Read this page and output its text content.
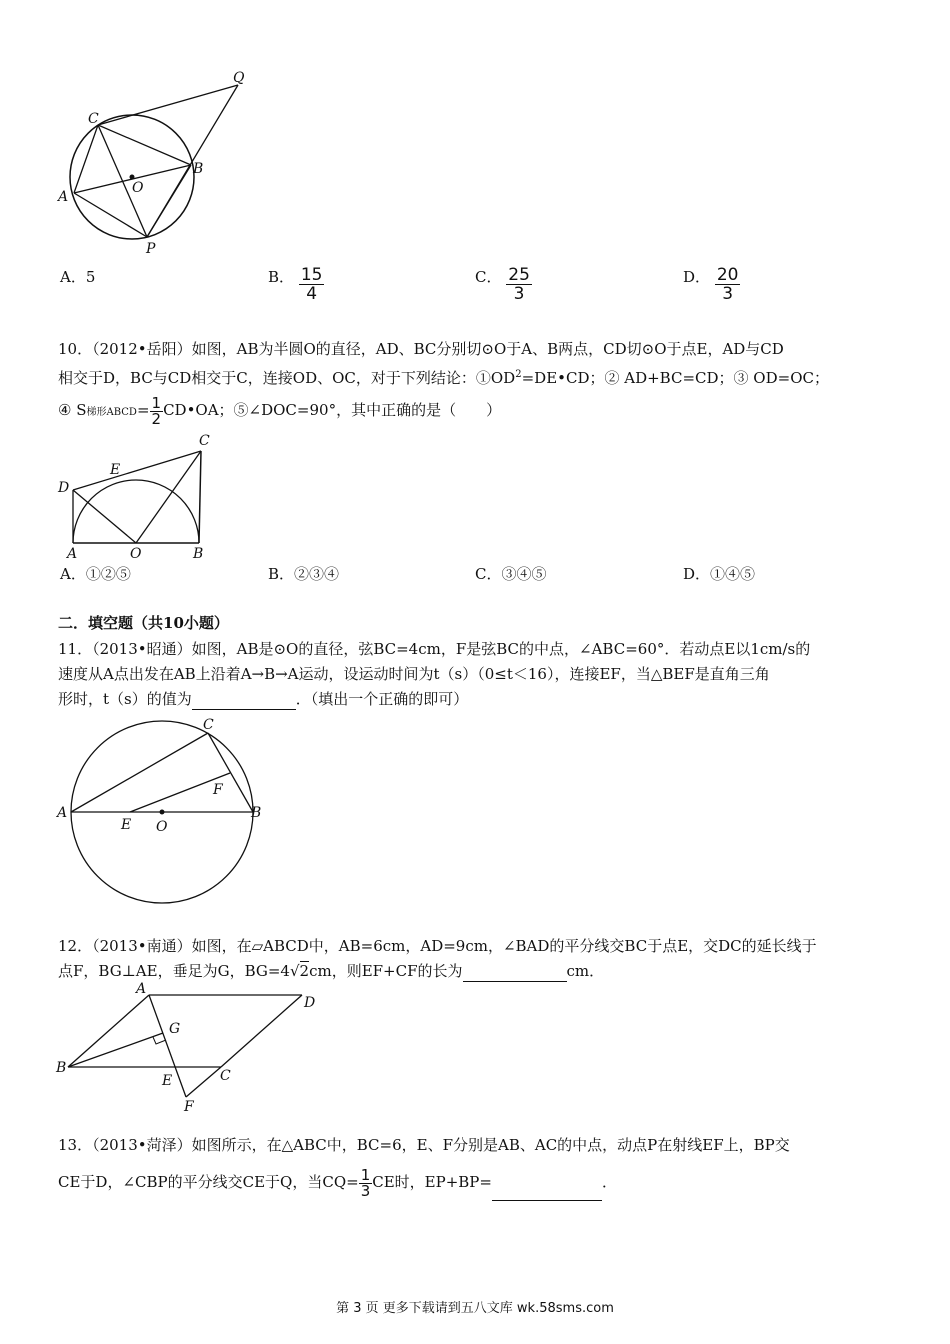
Q
C
B
O
A
P
A．5	B． $\frac{15}{4}$	C． $\frac{25}{3}$	D． $\frac{20}{3}$
10．（2012•岳阳）如图，AB为半圆O的直径，AD、BC分别切⊙O于A、B两点，CD切⊙O于点E，AD与CD
相交于D，BC与CD相交于C，连接OD、OC，对于下列结论：$①OD^2=DE•CD$；② AD+BC=CD；③ OD=OC；
④ S梯形ABCD= $\frac{1}{2}$ CD•OA；⑤∠DOC=90°，其中正确的是（　　）
C
E
D
A	O	B
A．①②⑤	B．②③④	C．③④⑤	D．①④⑤
二．填空题（共10小题）
11．（2013•昭通）如图，AB是⊙O的直径，弦BC=4cm，F是弦BC的中点，∠ABC=60°．若动点E以1cm/s的
速度从A点出发在AB上沿着A→B→A运动，设运动时间为t（s）（0≤t＜16），连接EF，当△BEF是直角三角
形时，t（s）的值为	．（填出一个正确的即可）
C
F
A
E O
B
12．（2013•南通）如图，在▱ABCD中，AB=6cm，AD=9cm，∠BAD的平分线交BC于点E，交DC的延长线于
点F，BG⊥AE，垂足为G，BG=4√2cm，则EF+CF的长为	cm．
A
D
G
B
E	C
F
13．（2013•菏泽）如图所示，在△ABC中，BC=6，E、F分别是AB、AC的中点，动点P在射线EF上，BP交
CE于D，∠CBP的平分线交CE于Q，当$CQ= \frac{1}{3}$ CE时，EP+BP=	．
第 3 页 更多下载请到五八文库 wk.58sms.com
